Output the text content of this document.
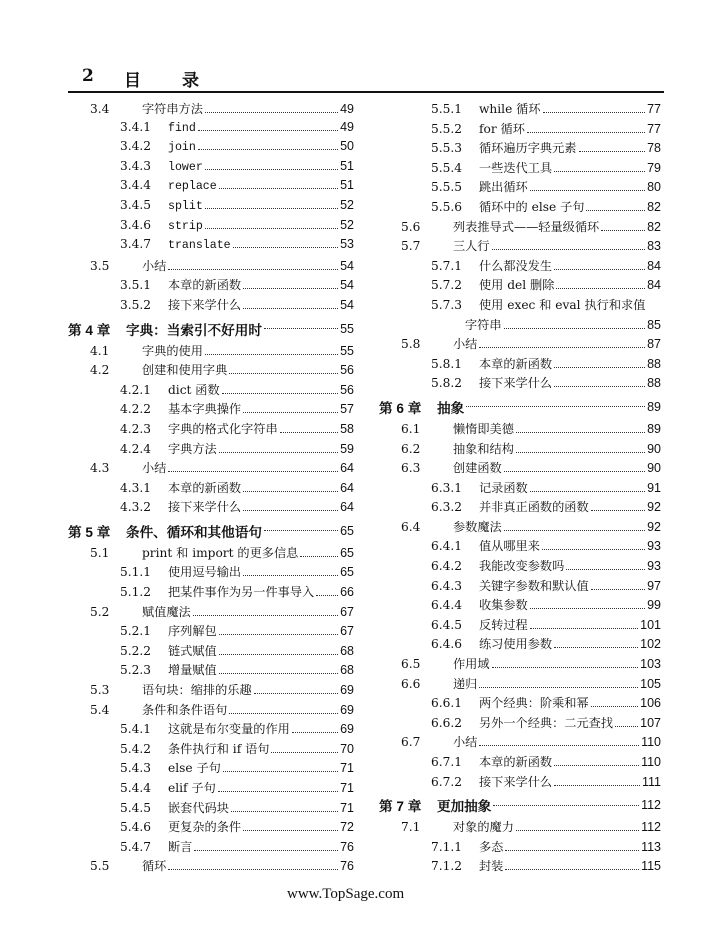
2 目 录
3.4	字符串方法	49
3.4.1	find	49
3.4.2	join	50
3.4.3	lower	51
3.4.4	replace	51
3.4.5	split	52
3.4.6	strip	52
3.4.7	translate	53
3.5	小结	54
3.5.1	本章的新函数	54
3.5.2	接下来学什么	54
第 4 章	字典：当索引不好用时	55
4.1	字典的使用	55
4.2	创建和使用字典	56
4.2.1	dict 函数	56
4.2.2	基本字典操作	57
4.2.3	字典的格式化字符串	58
4.2.4	字典方法	59
4.3	小结	64
4.3.1	本章的新函数	64
4.3.2	接下来学什么	64
第 5 章	条件、循环和其他语句	65
5.1	print 和 import 的更多信息	65
5.1.1	使用逗号输出	65
5.1.2	把某件事作为另一件事导入 66
5.2	赋值魔法	67
5.2.1	序列解包	67
5.2.2	链式赋值	68
5.2.3	增量赋值	68
5.3	语句块：缩排的乐趣	69
5.4	条件和条件语句	69
5.4.1	这就是布尔变量的作用	69
5.4.2	条件执行和 if 语句	70
5.4.3	else 子句	71
5.4.4	elif 子句	71
5.4.5	嵌套代码块	71
5.4.6	更复杂的条件	72
5.4.7	断言	76
5.5	循环	76
5.5.1	while 循环	77
5.5.2	for 循环	77
5.5.3	循环遍历字典元素	78
5.5.4	一些迭代工具	79
5.5.5	跳出循环	80
5.5.6	循环中的 else 子句	82
5.6	列表推导式——轻量级循环	82
5.7	三人行	83
5.7.1	什么都没发生	84
5.7.2	使用 del 删除	84
5.7.3	使用 exec 和 eval 执行和求值
字符串	85
5.8	小结	87
5.8.1	本章的新函数	88
5.8.2	接下来学什么	88
第 6 章	抽象	89
6.1	懒惰即美德	89
6.2	抽象和结构	90
6.3	创建函数	90
6.3.1	记录函数	91
6.3.2	并非真正函数的函数	92
6.4	参数魔法	92
6.4.1	值从哪里来	93
6.4.2	我能改变参数吗	93
6.4.3	关键字参数和默认值	97
6.4.4	收集参数	99
6.4.5	反转过程	101
6.4.6	练习使用参数	102
6.5	作用域	103
6.6	递归	105
6.6.1	两个经典：阶乘和幂	106
6.6.2	另外一个经典：二元查找 107
6.7	小结	110
6.7.1	本章的新函数	110
6.7.2	接下来学什么	111
第 7 章	更加抽象	112
7.1	对象的魔力	112
7.1.1	多态	113
7.1.2	封装	115
www.TopSage.com
